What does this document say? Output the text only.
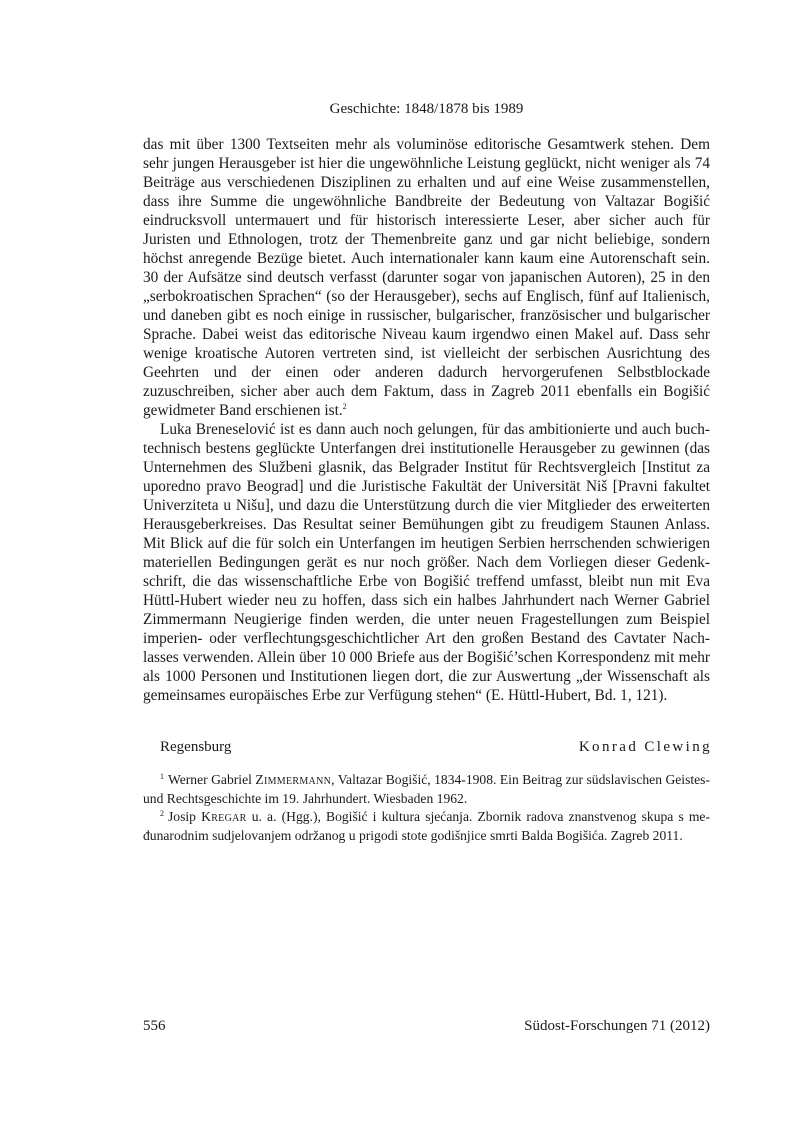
Geschichte: 1848/1878 bis 1989

das mit über 1300 Textseiten mehr als voluminöse editorische Gesamtwerk stehen. Dem sehr jungen Herausgeber ist hier die ungewöhnliche Leistung geglückt, nicht weniger als 74 Beiträge aus verschiedenen Disziplinen zu erhalten und auf eine Weise zusammenstellen, dass ihre Summe die ungewöhnliche Bandbreite der Bedeutung von Valtazar Bogišić eindrucksvoll untermauert und für historisch interessierte Leser, aber sicher auch für Juristen und Ethnologen, trotz der Themenbreite ganz und gar nicht beliebige, sondern höchst anregende Bezüge bietet. Auch internationaler kann kaum eine Autorenschaft sein. 30 der Aufsätze sind deutsch verfasst (darunter sogar von japanischen Autoren), 25 in den „serbokroatischen Sprachen“ (so der Herausgeber), sechs auf Englisch, fünf auf Italienisch, und daneben gibt es noch einige in russischer, bulgarischer, französischer und bulgarischer Sprache. Dabei weist das editorische Niveau kaum irgendwo einen Makel auf. Dass sehr wenige kroatische Autoren vertreten sind, ist vielleicht der serbischen Ausrichtung des Geehrten und der einen oder anderen dadurch hervorgerufenen Selbstblockade zuzuschreiben, sicher aber auch dem Faktum, dass in Zagreb 2011 ebenfalls ein Bogišić gewidmeter Band erschienen ist.$^2$

Luka Breneselović ist es dann auch noch gelungen, für das ambitionierte und auch buchtechnisch bestens geglückte Unterfangen drei institutionelle Herausgeber zu gewinnen (das Unternehmen des Službeni glasnik, das Belgrader Institut für Rechtsvergleich [Institut za uporedno pravo Beograd] und die Juristische Fakultät der Universität Niš [Pravni fakultet Univerziteta u Nišu], und dazu die Unterstützung durch die vier Mitglieder des erweiterten Herausgeberkreises. Das Resultat seiner Bemühungen gibt zu freudigem Staunen Anlass. Mit Blick auf die für solch ein Unterfangen im heutigen Serbien herrschenden schwierigen materiellen Bedingungen gerät es nur noch größer. Nach dem Vorliegen dieser Gedenkschrift, die das wissenschaftliche Erbe von Bogišić treffend umfasst, bleibt nun mit Eva Hüttl-Hubert wieder neu zu hoffen, dass sich ein halbes Jahrhundert nach Werner Gabriel Zimmermann Neugierige finden werden, die unter neuen Fragestellungen zum Beispiel imperien- oder verflechtungsgeschichtlicher Art den großen Bestand des Cavtater Nachlasses verwenden. Allein über 10 000 Briefe aus der Bogišić’schen Korrespondenz mit mehr als 1000 Personen und Institutionen liegen dort, die zur Auswertung „der Wissenschaft als gemeinsames europäisches Erbe zur Verfügung stehen“ (E. Hüttl-Hubert, Bd. 1, 121).

Regensburg	Konrad Clewing

$^1$ Werner Gabriel Zimmermann, Valtazar Bogišić, 1834-1908. Ein Beitrag zur südslavischen Geistes- und Rechtsgeschichte im 19. Jahrhundert. Wiesbaden 1962.

$^2$ Josip Kregar u. a. (Hgg.), Bogišić i kultura sjećanja. Zbornik radova znanstvenog skupa s međunarodnim sudjelovanjem održanog u prigodi stote godišnjice smrti Balda Bogišića. Zagreb 2011.

556	Südost-Forschungen 71 (2012)
